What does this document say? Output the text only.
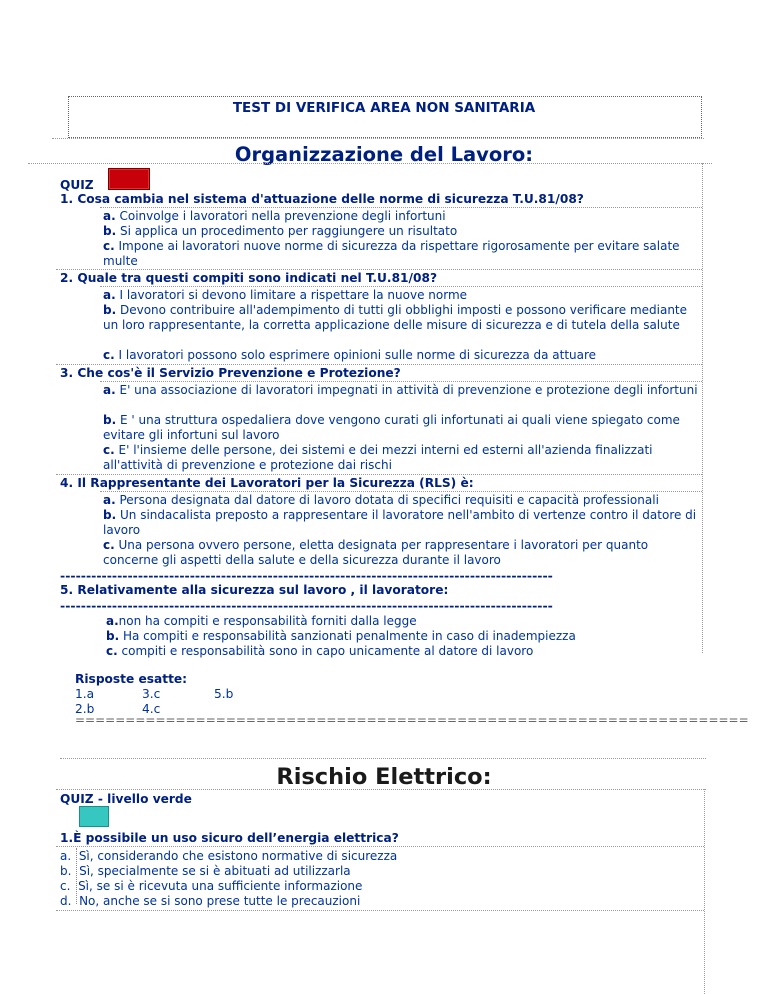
TEST DI VERIFICA AREA NON SANITARIA
Organizzazione del Lavoro:
QUIZ
1. Cosa cambia nel sistema d'attuazione delle norme di sicurezza T.U.81/08?
a. Coinvolge i lavoratori nella prevenzione degli infortuni
b. Si applica un procedimento per raggiungere un risultato
c. Impone ai lavoratori nuove norme di sicurezza da rispettare rigorosamente per evitare salate multe
2. Quale tra questi compiti sono indicati nel T.U.81/08?
a. I lavoratori si devono limitare a rispettare la nuove norme
b. Devono contribuire all'adempimento di tutti gli obblighi imposti e possono verificare mediante un loro rappresentante, la corretta applicazione delle misure di sicurezza e di tutela della salute
c. I lavoratori possono solo esprimere opinioni sulle norme di sicurezza da attuare
3. Che cos'è il Servizio Prevenzione e Protezione?
a. E' una associazione di lavoratori impegnati in attività di prevenzione e protezione degli infortuni
b. E ' una struttura ospedaliera dove vengono curati gli infortunati ai quali viene spiegato come evitare gli infortuni sul lavoro
c. E' l'insieme delle persone, dei sistemi e dei mezzi interni ed esterni all'azienda finalizzati all'attività di prevenzione e protezione dai rischi
4. Il Rappresentante dei Lavoratori per la Sicurezza (RLS) è:
a. Persona designata dal datore di lavoro dotata di specifici requisiti e capacità professionali
b. Un sindacalista preposto a rappresentare il lavoratore nell'ambito di vertenze contro il datore di lavoro
c. Una persona ovvero persone, eletta designata per rappresentare i lavoratori per quanto concerne gli aspetti della salute e della sicurezza durante il lavoro
-----------------------------------------------------------------------------------------------
5. Relativamente alla sicurezza sul lavoro , il lavoratore:
-----------------------------------------------------------------------------------------------
a.non ha compiti e responsabilità forniti dalla legge
b. Ha compiti e responsabilità sanzionati penalmente in caso di inadempiezza
c. compiti e responsabilità sono in capo unicamente al datore di lavoro
Risposte esatte:
1.a	3.c	5.b
2.b	4.c
===================================================================
Rischio Elettrico:
QUIZ - livello verde
1.È possibile un uso sicuro dell’energia elettrica?
a. Sì, considerando che esistono normative di sicurezza
b. Sì, specialmente se si è abituati ad utilizzarla
c. Sì, se si è ricevuta una sufficiente informazione
d. No, anche se si sono prese tutte le precauzioni
